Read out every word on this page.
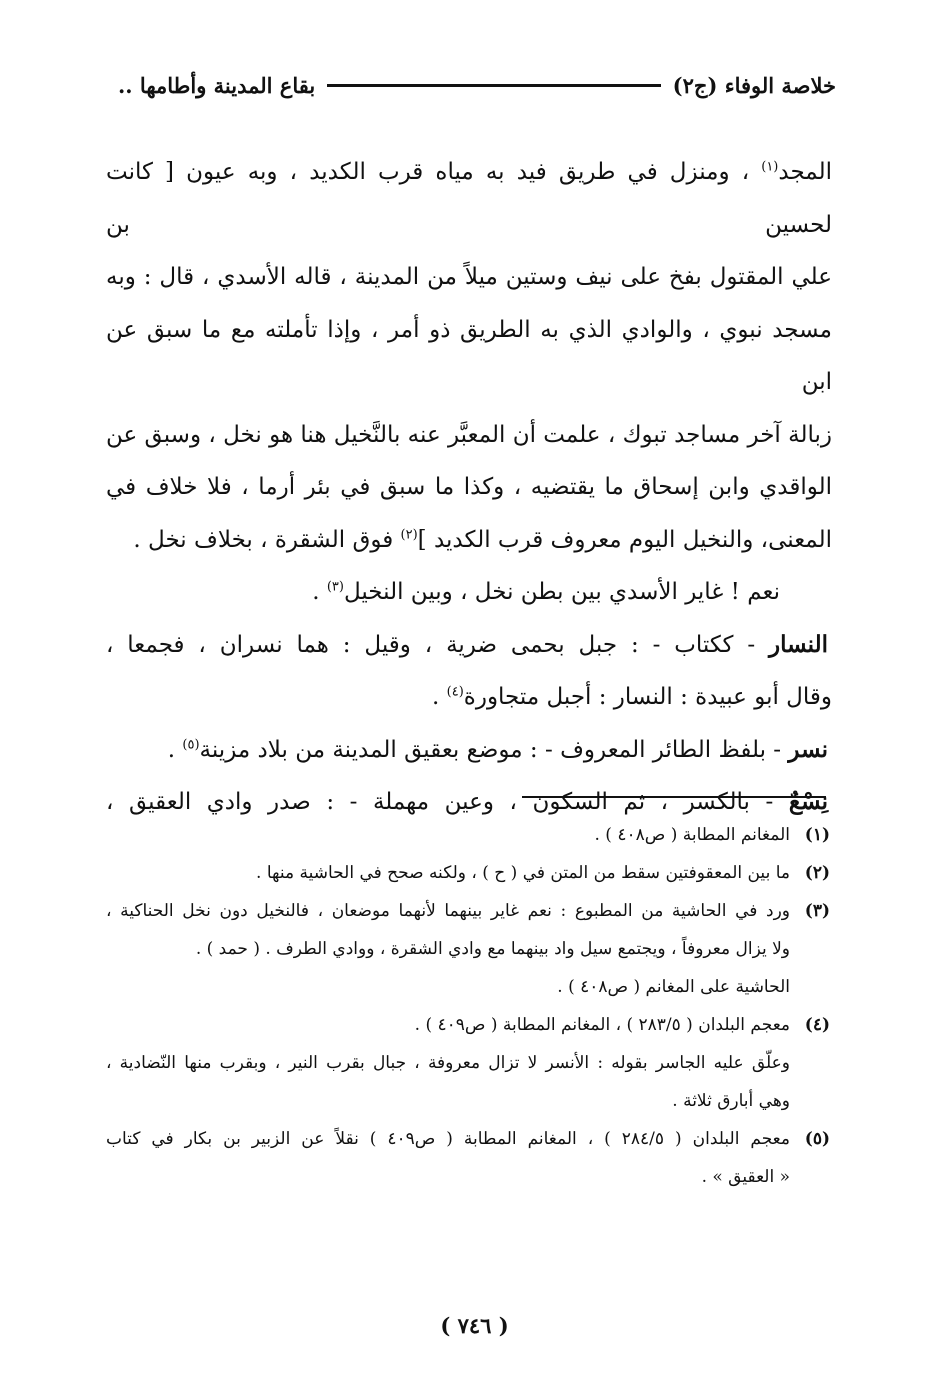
خلاصة الوفاء (ج٢)
بقاع المدينة وأطامها ..

المجد$^{(١)}$ ، ومنزل في طريق فيد به مياه قرب الكديد ، وبه عيون [ كانت لحسين بن

علي المقتول بفخ على نيف وستين ميلاً من المدينة ، قاله الأسدي ، قال : وبه

مسجد نبوي ، والوادي الذي به الطريق ذو أمر ، وإذا تأملته مع ما سبق عن ابن

زبالة آخر مساجد تبوك ، علمت أن المعبَّر عنه بالنَّخيل هنا هو نخل ، وسبق عن

الواقدي وابن إسحاق ما يقتضيه ، وكذا ما سبق في بئر أرما ، فلا خلاف في

المعنى، والنخيل اليوم معروف قرب الكديد ]$^{(٢)}$ فوق الشقرة ، بخلاف نخل .

نعم ! غاير الأسدي بين بطن نخل ، وبين النخيل$^{(٣)}$ .

النسار - ككتاب - : جبل بحمى ضرية ، وقيل : هما نسران ، فجمعا ،

وقال أبو عبيدة : النسار : أجبل متجاورة$^{(٤)}$ .

نسر - بلفظ الطائر المعروف - : موضع بعقيق المدينة من بلاد مزينة$^{(٥)}$ .

نِسْعٌ - بالكسر ، ثم السكون ، وعين مهملة - : صدر وادي العقيق ،

(١)

المغانم المطابة ( ص٤٠٨ ) .

(٢)

ما بين المعقوفتين سقط من المتن في ( ح ) ، ولكنه صحح في الحاشية منها .

(٣)

ورد في الحاشية من المطبوع : نعم غاير بينهما لأنهما موضعان ، فالنخيل دون نخل الحناكية ،

ولا يزال معروفاً ، ويجتمع سيل واد بينهما مع وادي الشقرة ، ووادي الطرف . ( حمد ) .

الحاشية على المغانم ( ص٤٠٨ ) .

(٤)

معجم البلدان ( ٢٨٣/٥ ) ، المغانم المطابة ( ص٤٠٩ ) .

وعلّق عليه الجاسر بقوله : الأنسر لا تزال معروفة ، جبال بقرب النير ، وبقرب منها النّضادية ،

وهي أبارق ثلاثة .

(٥)

معجم البلدان ( ٢٨٤/٥ ) ، المغانم المطابة ( ص٤٠٩ ) نقلاً عن الزبير بن بكار في كتاب

« العقيق » .

( ٧٤٦ )
